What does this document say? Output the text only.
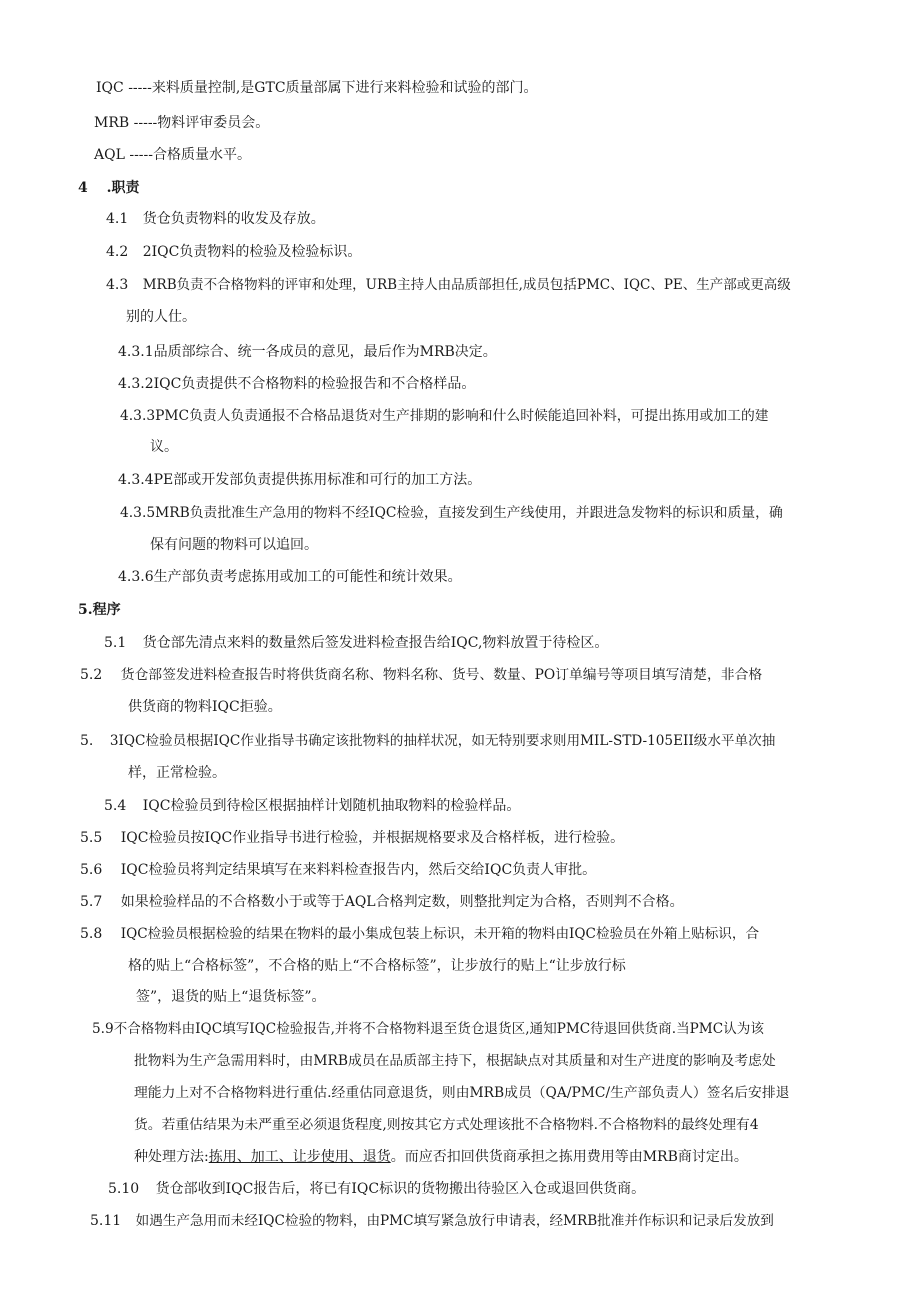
IQC -----来料质量控制,是GTC质量部属下进行来料检验和试验的部门。
MRB -----物料评审委员会。
AQL -----合格质量水平。
4 .职责
4.1 货仓负责物料的收发及存放。
4.2 2IQC负责物料的检验及检验标识。
4.3 MRB负责不合格物料的评审和处理，URB主持人由品质部担任,成员包括PMC、IQC、PE、生产部或更高级
别的人仕。
4.3.1品质部综合、统一各成员的意见，最后作为MRB决定。
4.3.2IQC负责提供不合格物料的检验报告和不合格样品。
4.3.3PMC负责人负责通报不合格品退货对生产排期的影响和什么时候能追回补料，可提出拣用或加工的建
议。
4.3.4PE部或开发部负责提供拣用标准和可行的加工方法。
4.3.5MRB负责批准生产急用的物料不经IQC检验，直接发到生产线使用，并跟进急发物料的标识和质量，确
保有问题的物料可以追回。
4.3.6生产部负责考虑拣用或加工的可能性和统计效果。
5.程序
5.1 货仓部先清点来料的数量然后签发进料检查报告给IQC,物料放置于待检区。
5.2 货仓部签发进料检查报告时将供货商名称、物料名称、货号、数量、PO订单编号等项目填写清楚，非合格
供货商的物料IQC拒验。
5. 3IQC检验员根据IQC作业指导书确定该批物料的抽样状况，如无特别要求则用MIL-STD-105EII级水平单次抽
样，正常检验。
5.4 IQC检验员到待检区根据抽样计划随机抽取物料的检验样品。
5.5 IQC检验员按IQC作业指导书进行检验，并根据规格要求及合格样板，进行检验。
5.6 IQC检验员将判定结果填写在来料料检查报告内，然后交给IQC负责人审批。
5.7 如果检验样品的不合格数小于或等于AQL合格判定数，则整批判定为合格，否则判不合格。
5.8 IQC检验员根据检验的结果在物料的最小集成包装上标识，未开箱的物料由IQC检验员在外箱上贴标识，合
格的贴上“合格标签”，不合格的贴上“不合格标签”，让步放行的贴上“让步放行标
签”，退货的贴上“退货标签”。
5.9不合格物料由IQC填写IQC检验报告,并将不合格物料退至货仓退货区,通知PMC待退回供货商.当PMC认为该
批物料为生产急需用料时，由MRB成员在品质部主持下，根据缺点对其质量和对生产进度的影响及考虑处
理能力上对不合格物料进行重估.经重估同意退货，则由MRB成员（QA/PMC/生产部负责人）签名后安排退
货。若重估结果为未严重至必须退货程度,则按其它方式处理该批不合格物料.不合格物料的最终处理有4
种处理方法:拣用、加工、让步使用、退货。而应否扣回供货商承担之拣用费用等由MRB商讨定出。
5.10 货仓部收到IQC报告后，将已有IQC标识的货物搬出待验区入仓或退回供货商。
5.11 如遇生产急用而未经IQC检验的物料，由PMC填写紧急放行申请表，经MRB批准并作标识和记录后发放到
